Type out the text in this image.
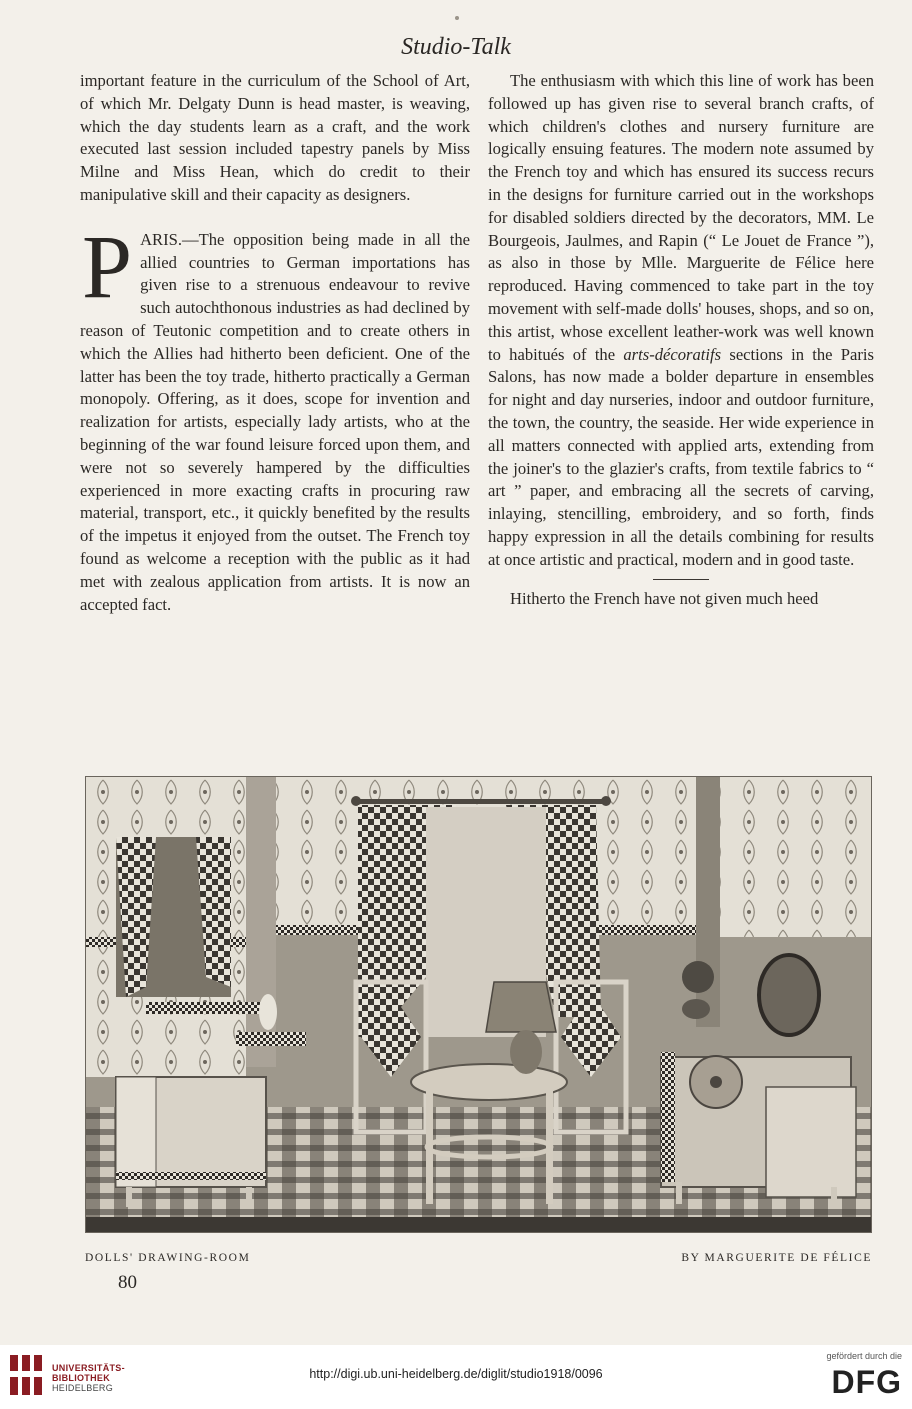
Studio-Talk

important feature in the curriculum of the School of Art, of which Mr. Delgaty Dunn is head master, is weaving, which the day students learn as a craft, and the work executed last session included tapestry panels by Miss Milne and Miss Hean, which do credit to their manipulative skill and their capacity as designers.

PARIS.—The opposition being made in all the allied countries to German importations has given rise to a strenuous endeavour to revive such autochthonous industries as had declined by reason of Teutonic competition and to create others in which the Allies had hitherto been deficient. One of the latter has been the toy trade, hitherto practically a German monopoly. Offering, as it does, scope for invention and realization for artists, especially lady artists, who at the beginning of the war found leisure forced upon them, and were not so severely hampered by the difficulties experienced in more exacting crafts in procuring raw material, transport, etc., it quickly benefited by the results of the impetus it enjoyed from the outset. The French toy found as welcome a reception with the public as it had met with zealous application from artists. It is now an accepted fact.

The enthusiasm with which this line of work has been followed up has given rise to several branch crafts, of which children's clothes and nursery furniture are logically ensuing features. The modern note assumed by the French toy and which has ensured its success recurs in the designs for furniture carried out in the workshops for disabled soldiers directed by the decorators, MM. Le Bourgeois, Jaulmes, and Rapin (“ Le Jouet de France ”), as also in those by Mlle. Marguerite de Félice here reproduced. Having commenced to take part in the toy movement with self-made dolls' houses, shops, and so on, this artist, whose excellent leather-work was well known to habitués of the arts-décoratifs sections in the Paris Salons, has now made a bolder departure in ensembles for night and day nurseries, indoor and outdoor furniture, the town, the country, the seaside. Her wide experience in all matters connected with applied arts, extending from the joiner's to the glazier's crafts, from textile fabrics to “ art ” paper, and embracing all the secrets of carving, inlaying, stencilling, embroidery, and so forth, finds happy expression in all the details combining for results at once artistic and practical, modern and in good taste.

Hitherto the French have not given much heed

DOLLS' DRAWING-ROOM	BY MARGUERITE DE FÉLICE
80
UNIVERSITÄTS-
BIBLIOTHEK
HEIDELBERG
http://digi.ub.uni-heidelberg.de/diglit/studio1918/0096
gefördert durch die
DFG
